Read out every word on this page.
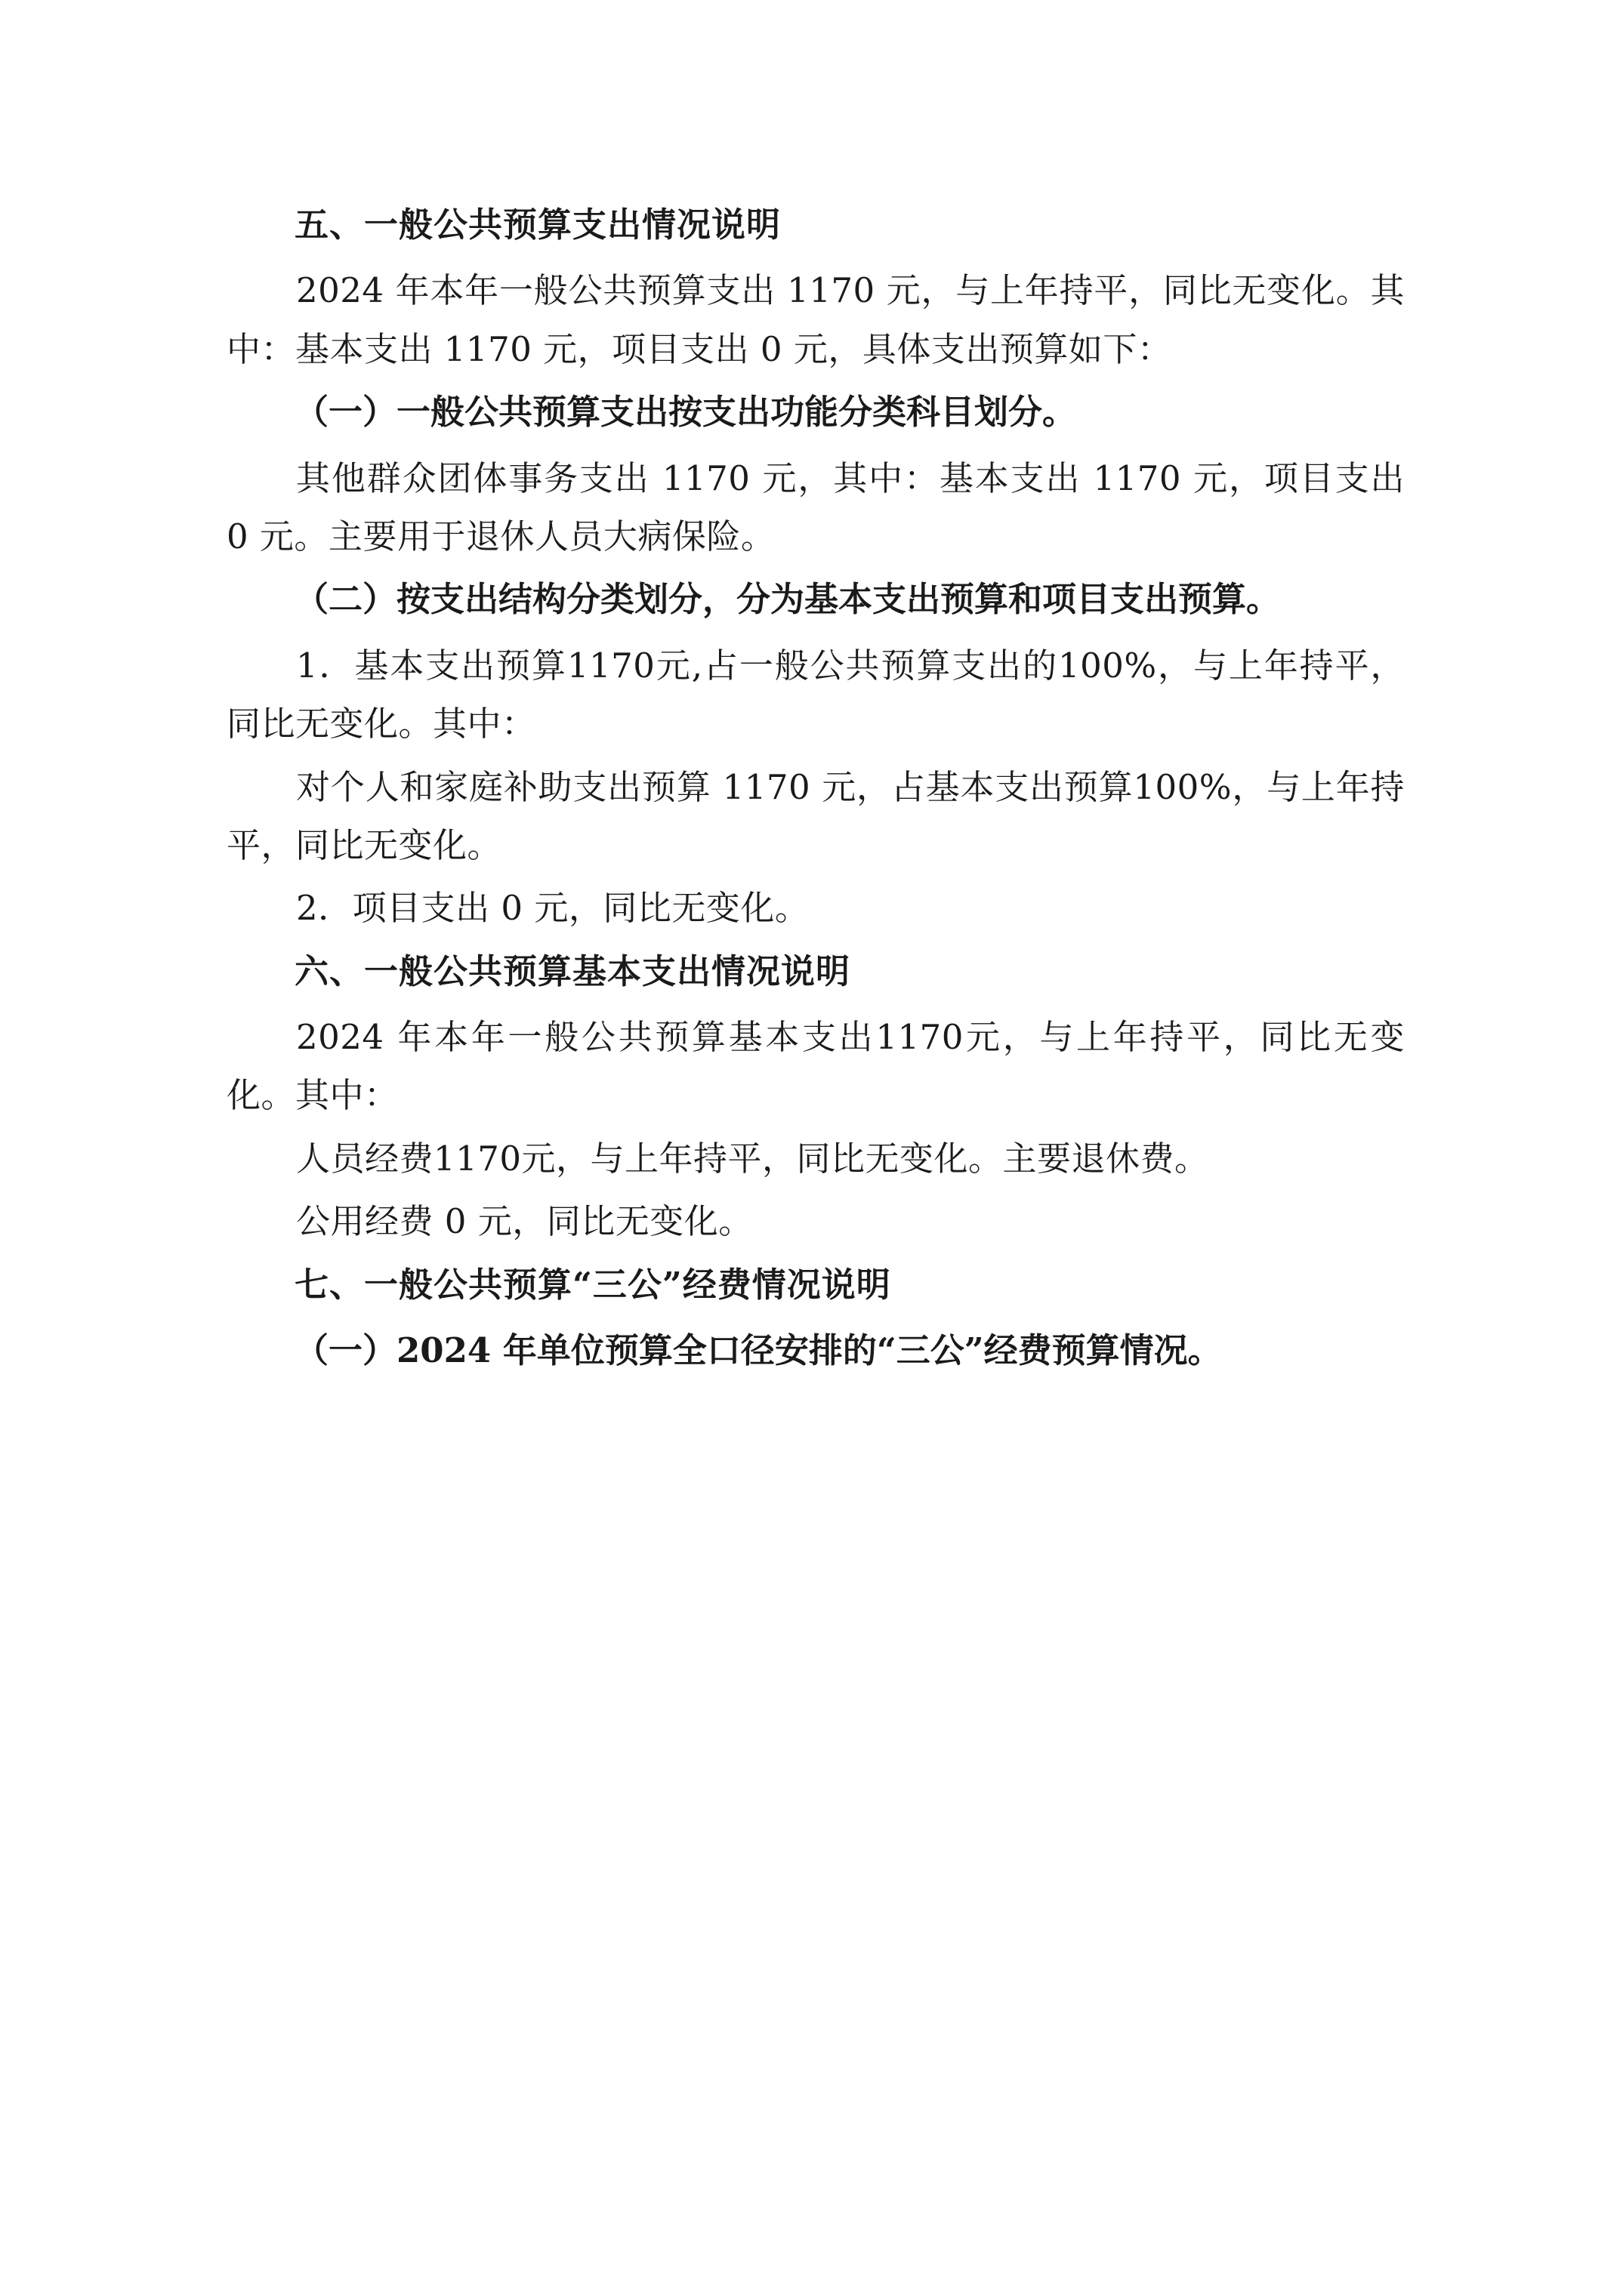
五、一般公共预算支出情况说明

2024 年本年一般公共预算支出 1170 元，与上年持平，同比无变化。其中：基本支出 1170 元，项目支出 0 元，具体支出预算如下：

（一）一般公共预算支出按支出功能分类科目划分。

其他群众团体事务支出 1170 元，其中：基本支出 1170 元，项目支出 0 元。主要用于退休人员大病保险。

（二）按支出结构分类划分，分为基本支出预算和项目支出预算。

1．基本支出预算1170元,占一般公共预算支出的100%，与上年持平，同比无变化。其中：

对个人和家庭补助支出预算 1170 元，占基本支出预算100%，与上年持平，同比无变化。

2．项目支出 0 元，同比无变化。

六、一般公共预算基本支出情况说明

2024 年本年一般公共预算基本支出1170元，与上年持平，同比无变化。其中：

人员经费1170元，与上年持平，同比无变化。主要退休费。

公用经费 0 元，同比无变化。

七、一般公共预算“三公”经费情况说明

（一）2024 年单位预算全口径安排的“三公”经费预算情况。
